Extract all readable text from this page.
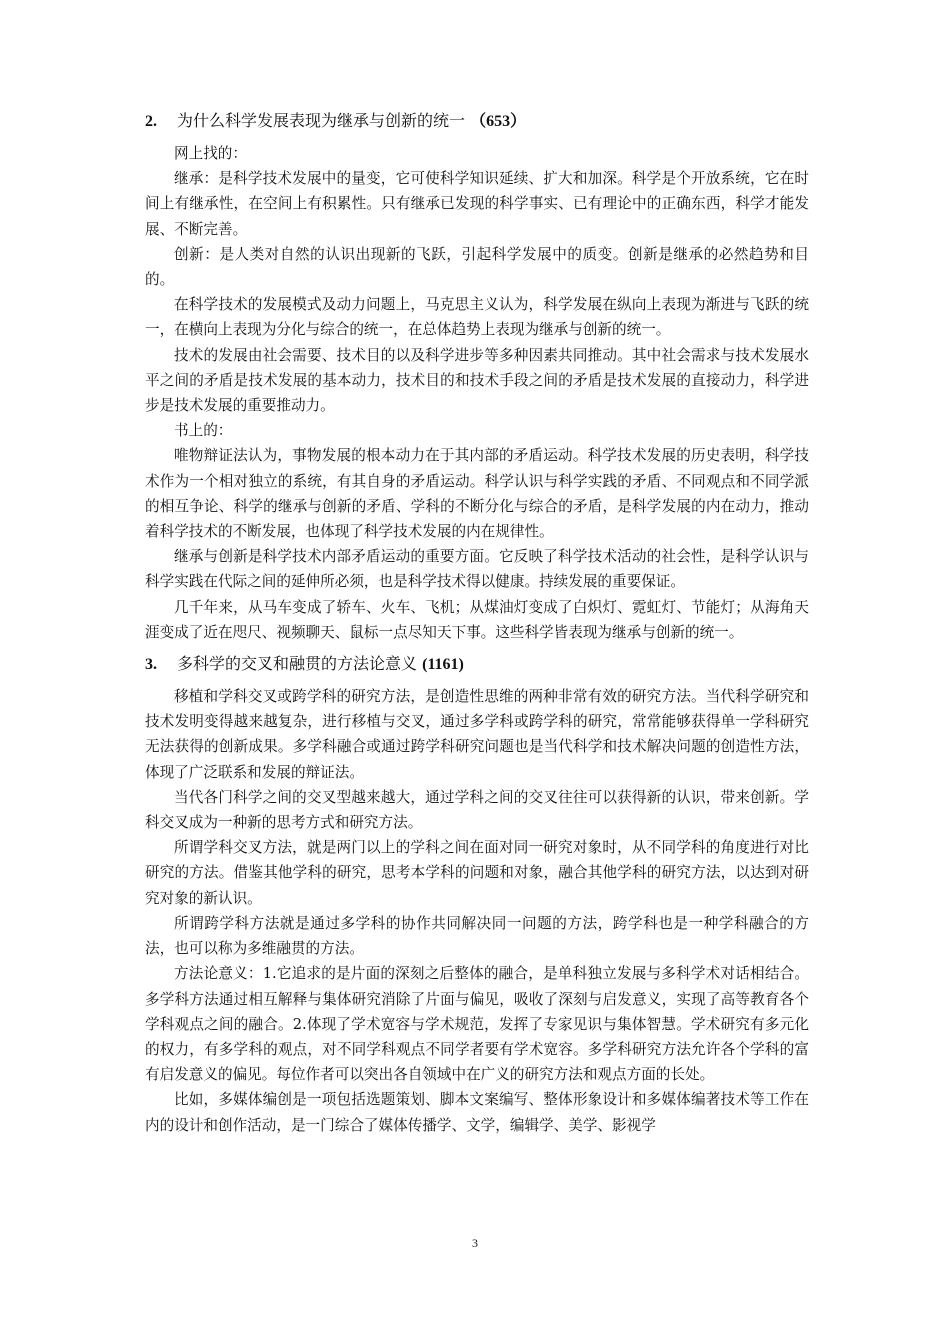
2. 为什么科学发展表现为继承与创新的统一 （653）

网上找的：

继承：是科学技术发展中的量变，它可使科学知识延续、扩大和加深。科学是个开放系统，它在时间上有继承性，在空间上有积累性。只有继承已发现的科学事实、已有理论中的正确东西，科学才能发展、不断完善。

创新：是人类对自然的认识出现新的飞跃，引起科学发展中的质变。创新是继承的必然趋势和目的。

在科学技术的发展模式及动力问题上，马克思主义认为，科学发展在纵向上表现为渐进与飞跃的统一，在横向上表现为分化与综合的统一，在总体趋势上表现为继承与创新的统一。

技术的发展由社会需要、技术目的以及科学进步等多种因素共同推动。其中社会需求与技术发展水平之间的矛盾是技术发展的基本动力，技术目的和技术手段之间的矛盾是技术发展的直接动力，科学进步是技术发展的重要推动力。

书上的：

唯物辩证法认为，事物发展的根本动力在于其内部的矛盾运动。科学技术发展的历史表明，科学技术作为一个相对独立的系统，有其自身的矛盾运动。科学认识与科学实践的矛盾、不同观点和不同学派的相互争论、科学的继承与创新的矛盾、学科的不断分化与综合的矛盾，是科学发展的内在动力，推动着科学技术的不断发展，也体现了科学技术发展的内在规律性。

继承与创新是科学技术内部矛盾运动的重要方面。它反映了科学技术活动的社会性，是科学认识与科学实践在代际之间的延伸所必须，也是科学技术得以健康。持续发展的重要保证。

几千年来，从马车变成了轿车、火车、飞机；从煤油灯变成了白炽灯、霓虹灯、节能灯；从海角天涯变成了近在咫尺、视频聊天、鼠标一点尽知天下事。这些科学皆表现为继承与创新的统一。

3. 多科学的交叉和融贯的方法论意义 (1161)

移植和学科交叉或跨学科的研究方法，是创造性思维的两种非常有效的研究方法。当代科学研究和技术发明变得越来越复杂，进行移植与交叉，通过多学科或跨学科的研究，常常能够获得单一学科研究无法获得的创新成果。多学科融合或通过跨学科研究问题也是当代科学和技术解决问题的创造性方法，体现了广泛联系和发展的辩证法。

当代各门科学之间的交叉型越来越大，通过学科之间的交叉往往可以获得新的认识，带来创新。学科交叉成为一种新的思考方式和研究方法。

所谓学科交叉方法，就是两门以上的学科之间在面对同一研究对象时，从不同学科的角度进行对比研究的方法。借鉴其他学科的研究，思考本学科的问题和对象，融合其他学科的研究方法，以达到对研究对象的新认识。

所谓跨学科方法就是通过多学科的协作共同解决同一问题的方法，跨学科也是一种学科融合的方法，也可以称为多维融贯的方法。

方法论意义：1.它追求的是片面的深刻之后整体的融合，是单科独立发展与多科学术对话相结合。多学科方法通过相互解释与集体研究消除了片面与偏见，吸收了深刻与启发意义，实现了高等教育各个学科观点之间的融合。2.体现了学术宽容与学术规范，发挥了专家见识与集体智慧。学术研究有多元化的权力，有多学科的观点，对不同学科观点不同学者要有学术宽容。多学科研究方法允许各个学科的富有启发意义的偏见。每位作者可以突出各自领域中在广义的研究方法和观点方面的长处。

比如，多媒体编创是一项包括选题策划、脚本文案编写、整体形象设计和多媒体编著技术等工作在内的设计和创作活动，是一门综合了媒体传播学、文学，编辑学、美学、影视学

3
